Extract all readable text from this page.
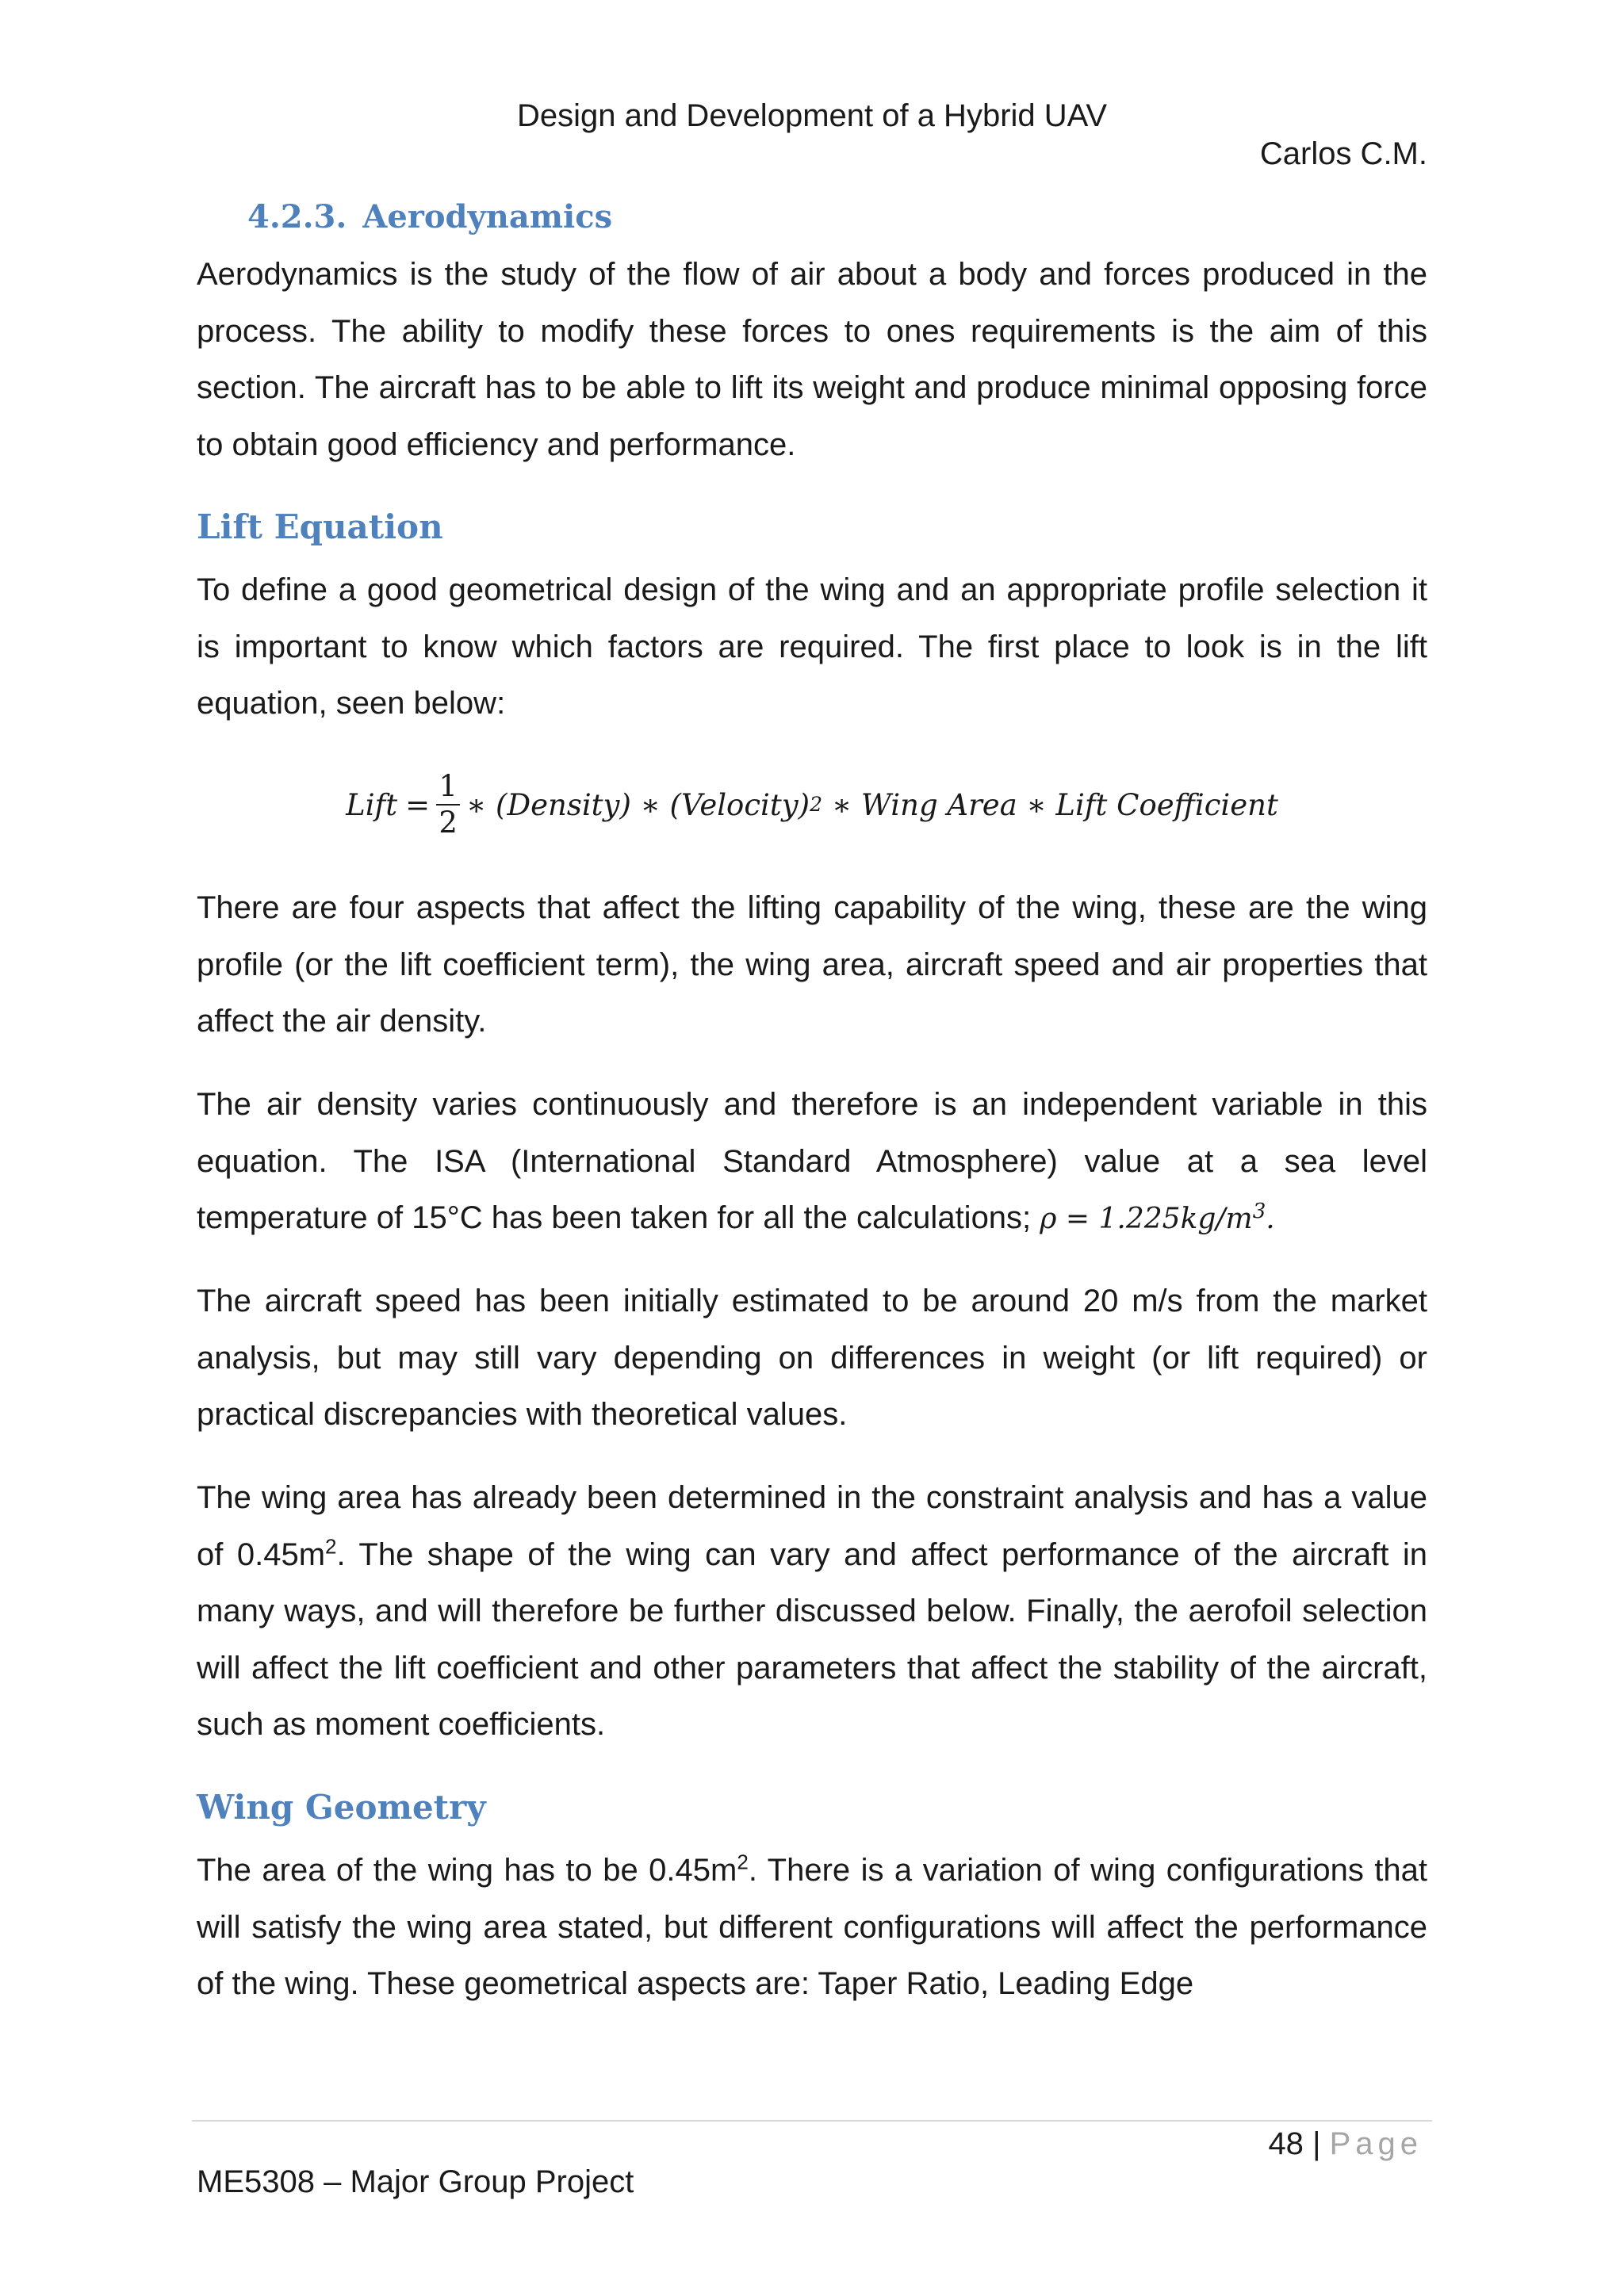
Design and Development of a Hybrid UAV
Carlos C.M.
4.2.3. Aerodynamics

Aerodynamics is the study of the flow of air about a body and forces produced in the process. The ability to modify these forces to ones requirements is the aim of this section. The aircraft has to be able to lift its weight and produce minimal opposing force to obtain good efficiency and performance.

Lift Equation

To define a good geometrical design of the wing and an appropriate profile selection it is important to know which factors are required. The first place to look is in the lift equation, seen below:

Lift = $\frac{1}{2}$ ∗ (Density) ∗ (Velocity) 2 ∗ Wing Area ∗ Lift Coefficient

There are four aspects that affect the lifting capability of the wing, these are the wing profile (or the lift coefficient term), the wing area, aircraft speed and air properties that affect the air density.

The air density varies continuously and therefore is an independent variable in this equation. The ISA (International Standard Atmosphere) value at a sea level temperature of 15°C has been taken for all the calculations; $\rho = 1.225kg/m^3$.

The aircraft speed has been initially estimated to be around 20 m/s from the market analysis, but may still vary depending on differences in weight (or lift required) or practical discrepancies with theoretical values.

The wing area has already been determined in the constraint analysis and has a value of $0.45m^2$. The shape of the wing can vary and affect performance of the aircraft in many ways, and will therefore be further discussed below. Finally, the aerofoil selection will affect the lift coefficient and other parameters that affect the stability of the aircraft, such as moment coefficients.

Wing Geometry

The area of the wing has to be $0.45m^2$. There is a variation of wing configurations that will satisfy the wing area stated, but different configurations will affect the performance of the wing. These geometrical aspects are: Taper Ratio, Leading Edge

48 | Page
ME5308 – Major Group Project
